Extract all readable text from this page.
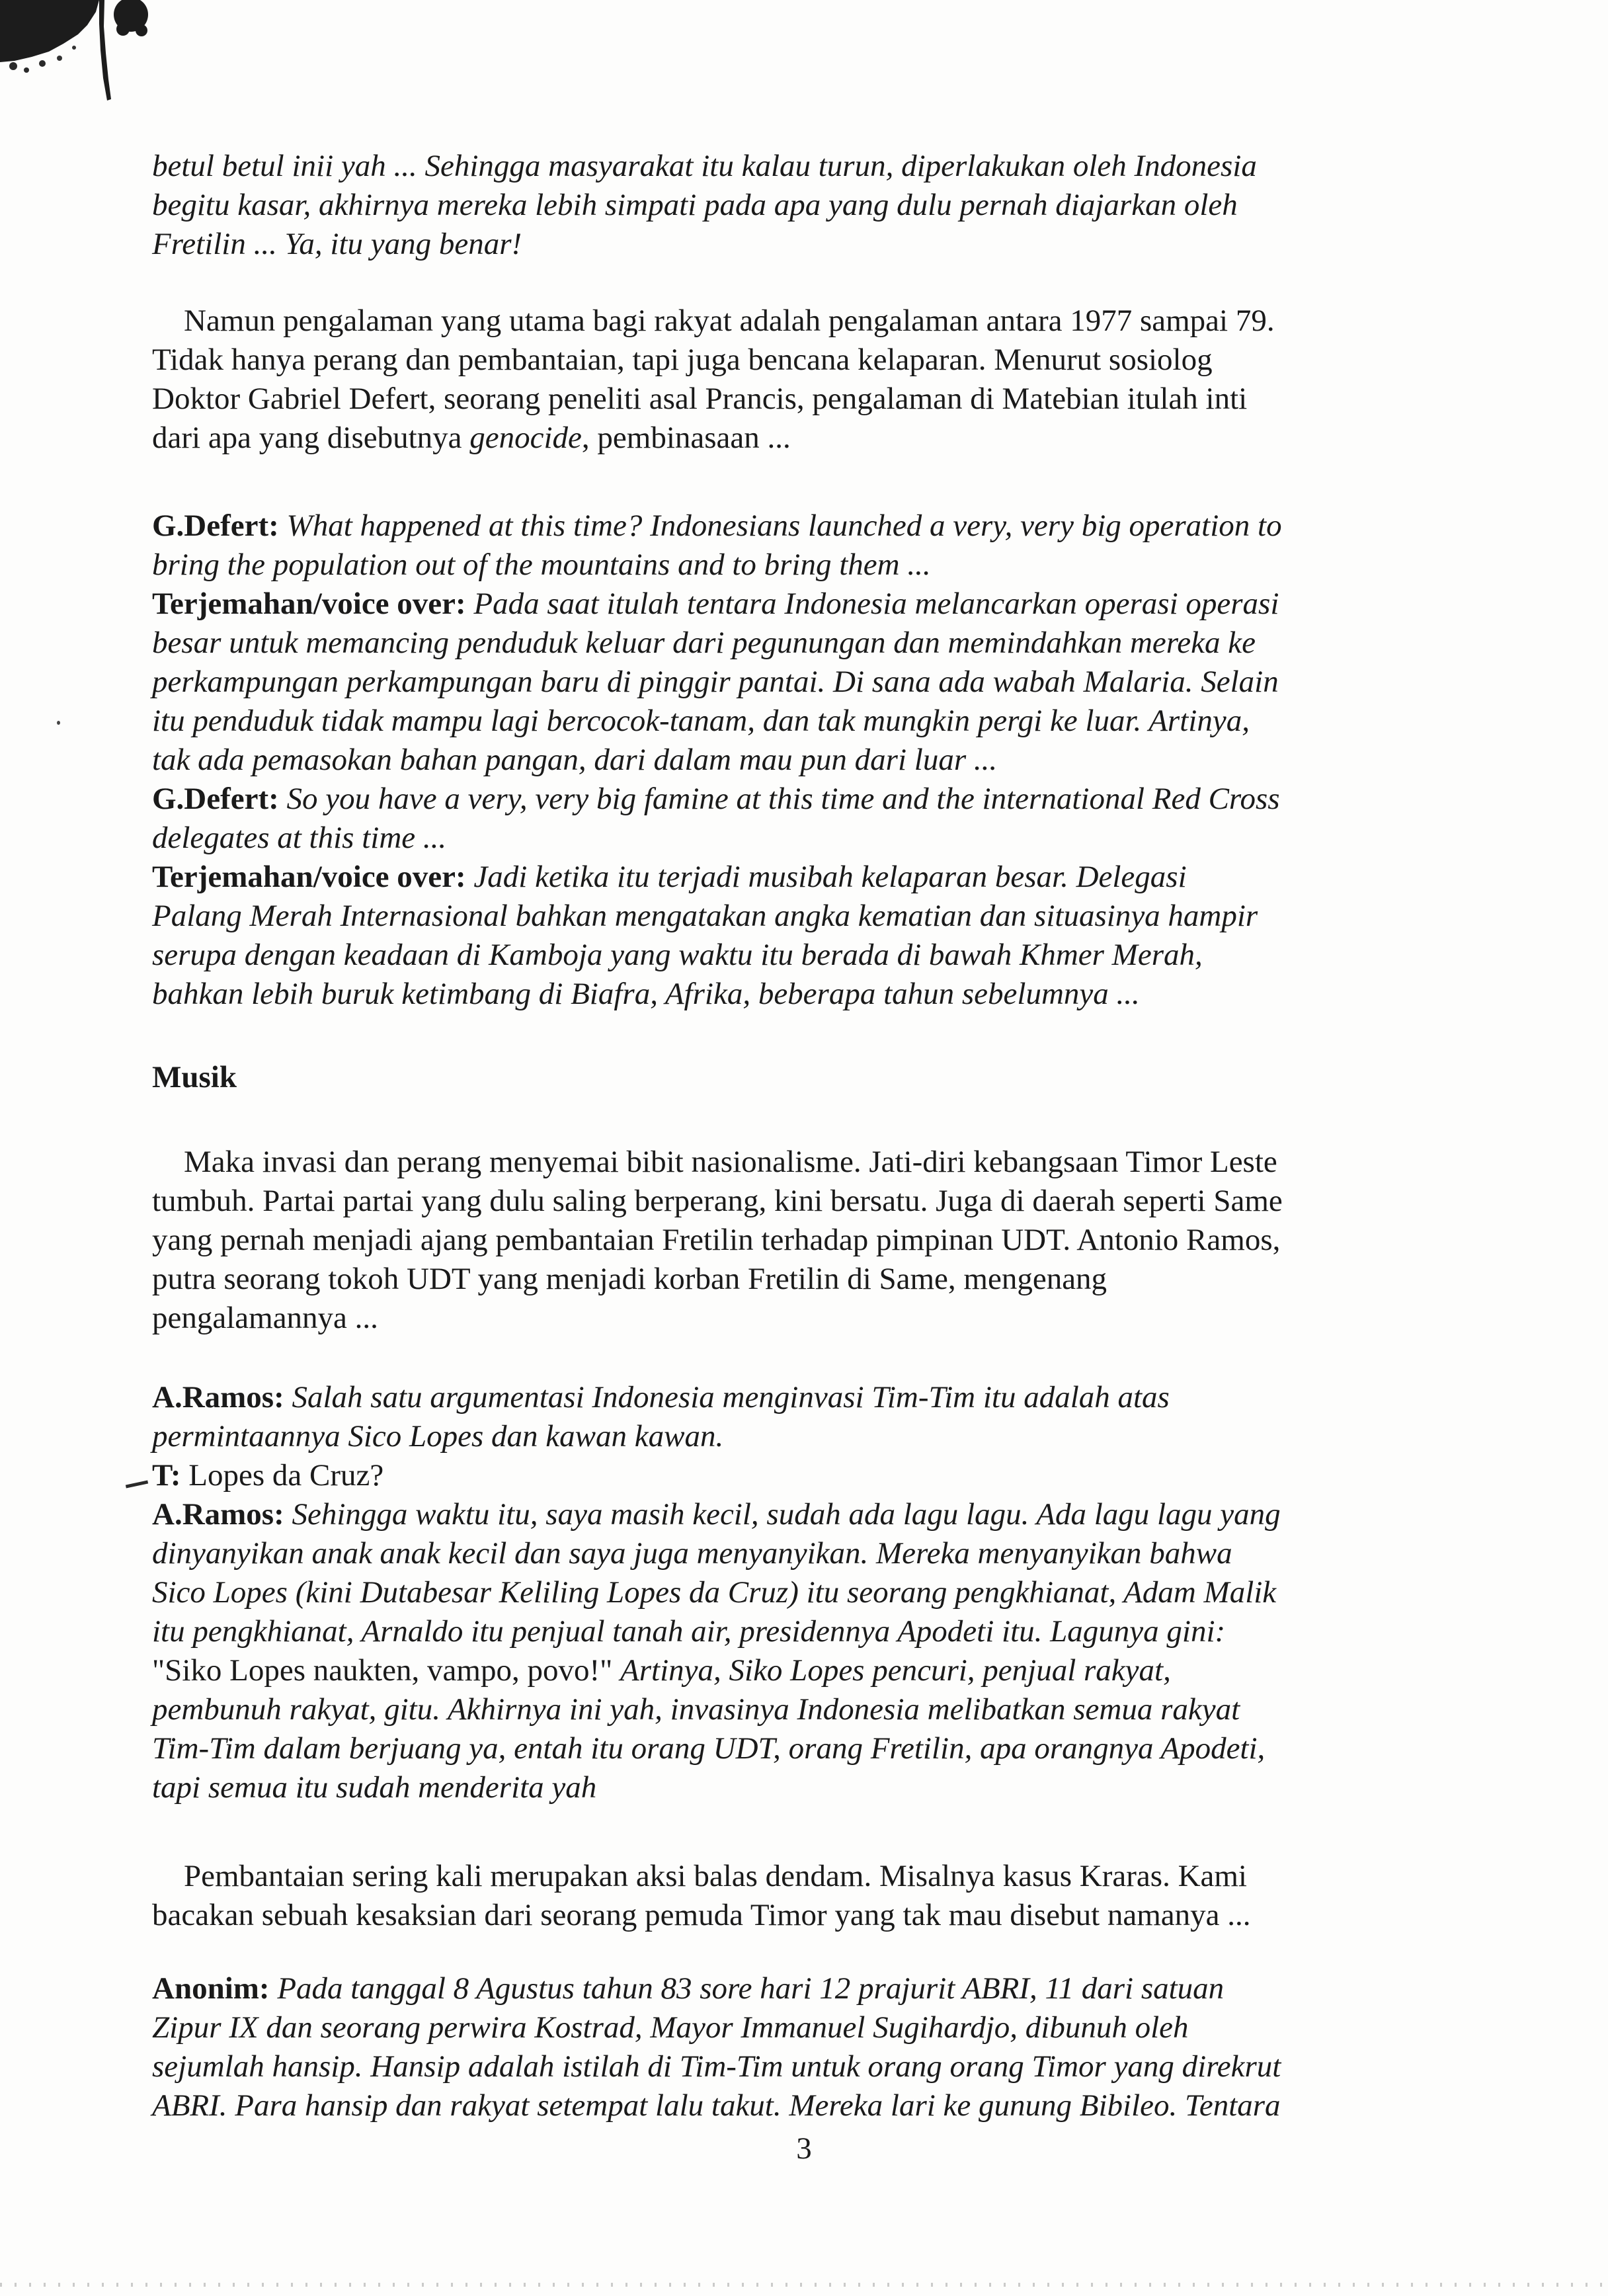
betul betul inii yah ... Sehingga masyarakat itu kalau turun, diperlakukan oleh Indonesia
begitu kasar, akhirnya mereka lebih simpati pada apa yang dulu pernah diajarkan oleh
Fretilin ... Ya, itu yang benar!
Namun pengalaman yang utama bagi rakyat adalah pengalaman antara 1977 sampai 79.
Tidak hanya perang dan pembantaian, tapi juga bencana kelaparan. Menurut sosiolog
Doktor Gabriel Defert, seorang peneliti asal Prancis, pengalaman di Matebian itulah inti
dari apa yang disebutnya genocide, pembinasaan ...
G.Defert: What happened at this time? Indonesians launched a very, very big operation to
bring the population out of the mountains and to bring them ...
Terjemahan/voice over: Pada saat itulah tentara Indonesia melancarkan operasi operasi
besar untuk memancing penduduk keluar dari pegunungan dan memindahkan mereka ke
perkampungan perkampungan baru di pinggir pantai. Di sana ada wabah Malaria. Selain
itu penduduk tidak mampu lagi bercocok-tanam, dan tak mungkin pergi ke luar. Artinya,
tak ada pemasokan bahan pangan, dari dalam mau pun dari luar ...
G.Defert: So you have a very, very big famine at this time and the international Red Cross
delegates at this time ...
Terjemahan/voice over: Jadi ketika itu terjadi musibah kelaparan besar. Delegasi
Palang Merah Internasional bahkan mengatakan angka kematian dan situasinya hampir
serupa dengan keadaan di Kamboja yang waktu itu berada di bawah Khmer Merah,
bahkan lebih buruk ketimbang di Biafra, Afrika, beberapa tahun sebelumnya ...
Musik
Maka invasi dan perang menyemai bibit nasionalisme. Jati-diri kebangsaan Timor Leste
tumbuh. Partai partai yang dulu saling berperang, kini bersatu. Juga di daerah seperti Same
yang pernah menjadi ajang pembantaian Fretilin terhadap pimpinan UDT. Antonio Ramos,
putra seorang tokoh UDT yang menjadi korban Fretilin di Same, mengenang
pengalamannya ...
A.Ramos: Salah satu argumentasi Indonesia menginvasi Tim-Tim itu adalah atas
permintaannya Sico Lopes dan kawan kawan.
T: Lopes da Cruz?
A.Ramos: Sehingga waktu itu, saya masih kecil, sudah ada lagu lagu. Ada lagu lagu yang
dinyanyikan anak anak kecil dan saya juga menyanyikan. Mereka menyanyikan bahwa
Sico Lopes (kini Dutabesar Keliling Lopes da Cruz) itu seorang pengkhianat, Adam Malik
itu pengkhianat, Arnaldo itu penjual tanah air, presidennya Apodeti itu. Lagunya gini:
"Siko Lopes naukten, vampo, povo!" Artinya, Siko Lopes pencuri, penjual rakyat,
pembunuh rakyat, gitu. Akhirnya ini yah, invasinya Indonesia melibatkan semua rakyat
Tim-Tim dalam berjuang ya, entah itu orang UDT, orang Fretilin, apa orangnya Apodeti,
tapi semua itu sudah menderita yah
Pembantaian sering kali merupakan aksi balas dendam. Misalnya kasus Kraras. Kami
bacakan sebuah kesaksian dari seorang pemuda Timor yang tak mau disebut namanya ...
Anonim: Pada tanggal 8 Agustus tahun 83 sore hari 12 prajurit ABRI, 11 dari satuan
Zipur IX dan seorang perwira Kostrad, Mayor Immanuel Sugihardjo, dibunuh oleh
sejumlah hansip. Hansip adalah istilah di Tim-Tim untuk orang orang Timor yang direkrut
ABRI. Para hansip dan rakyat setempat lalu takut. Mereka lari ke gunung Bibileo. Tentara
3
